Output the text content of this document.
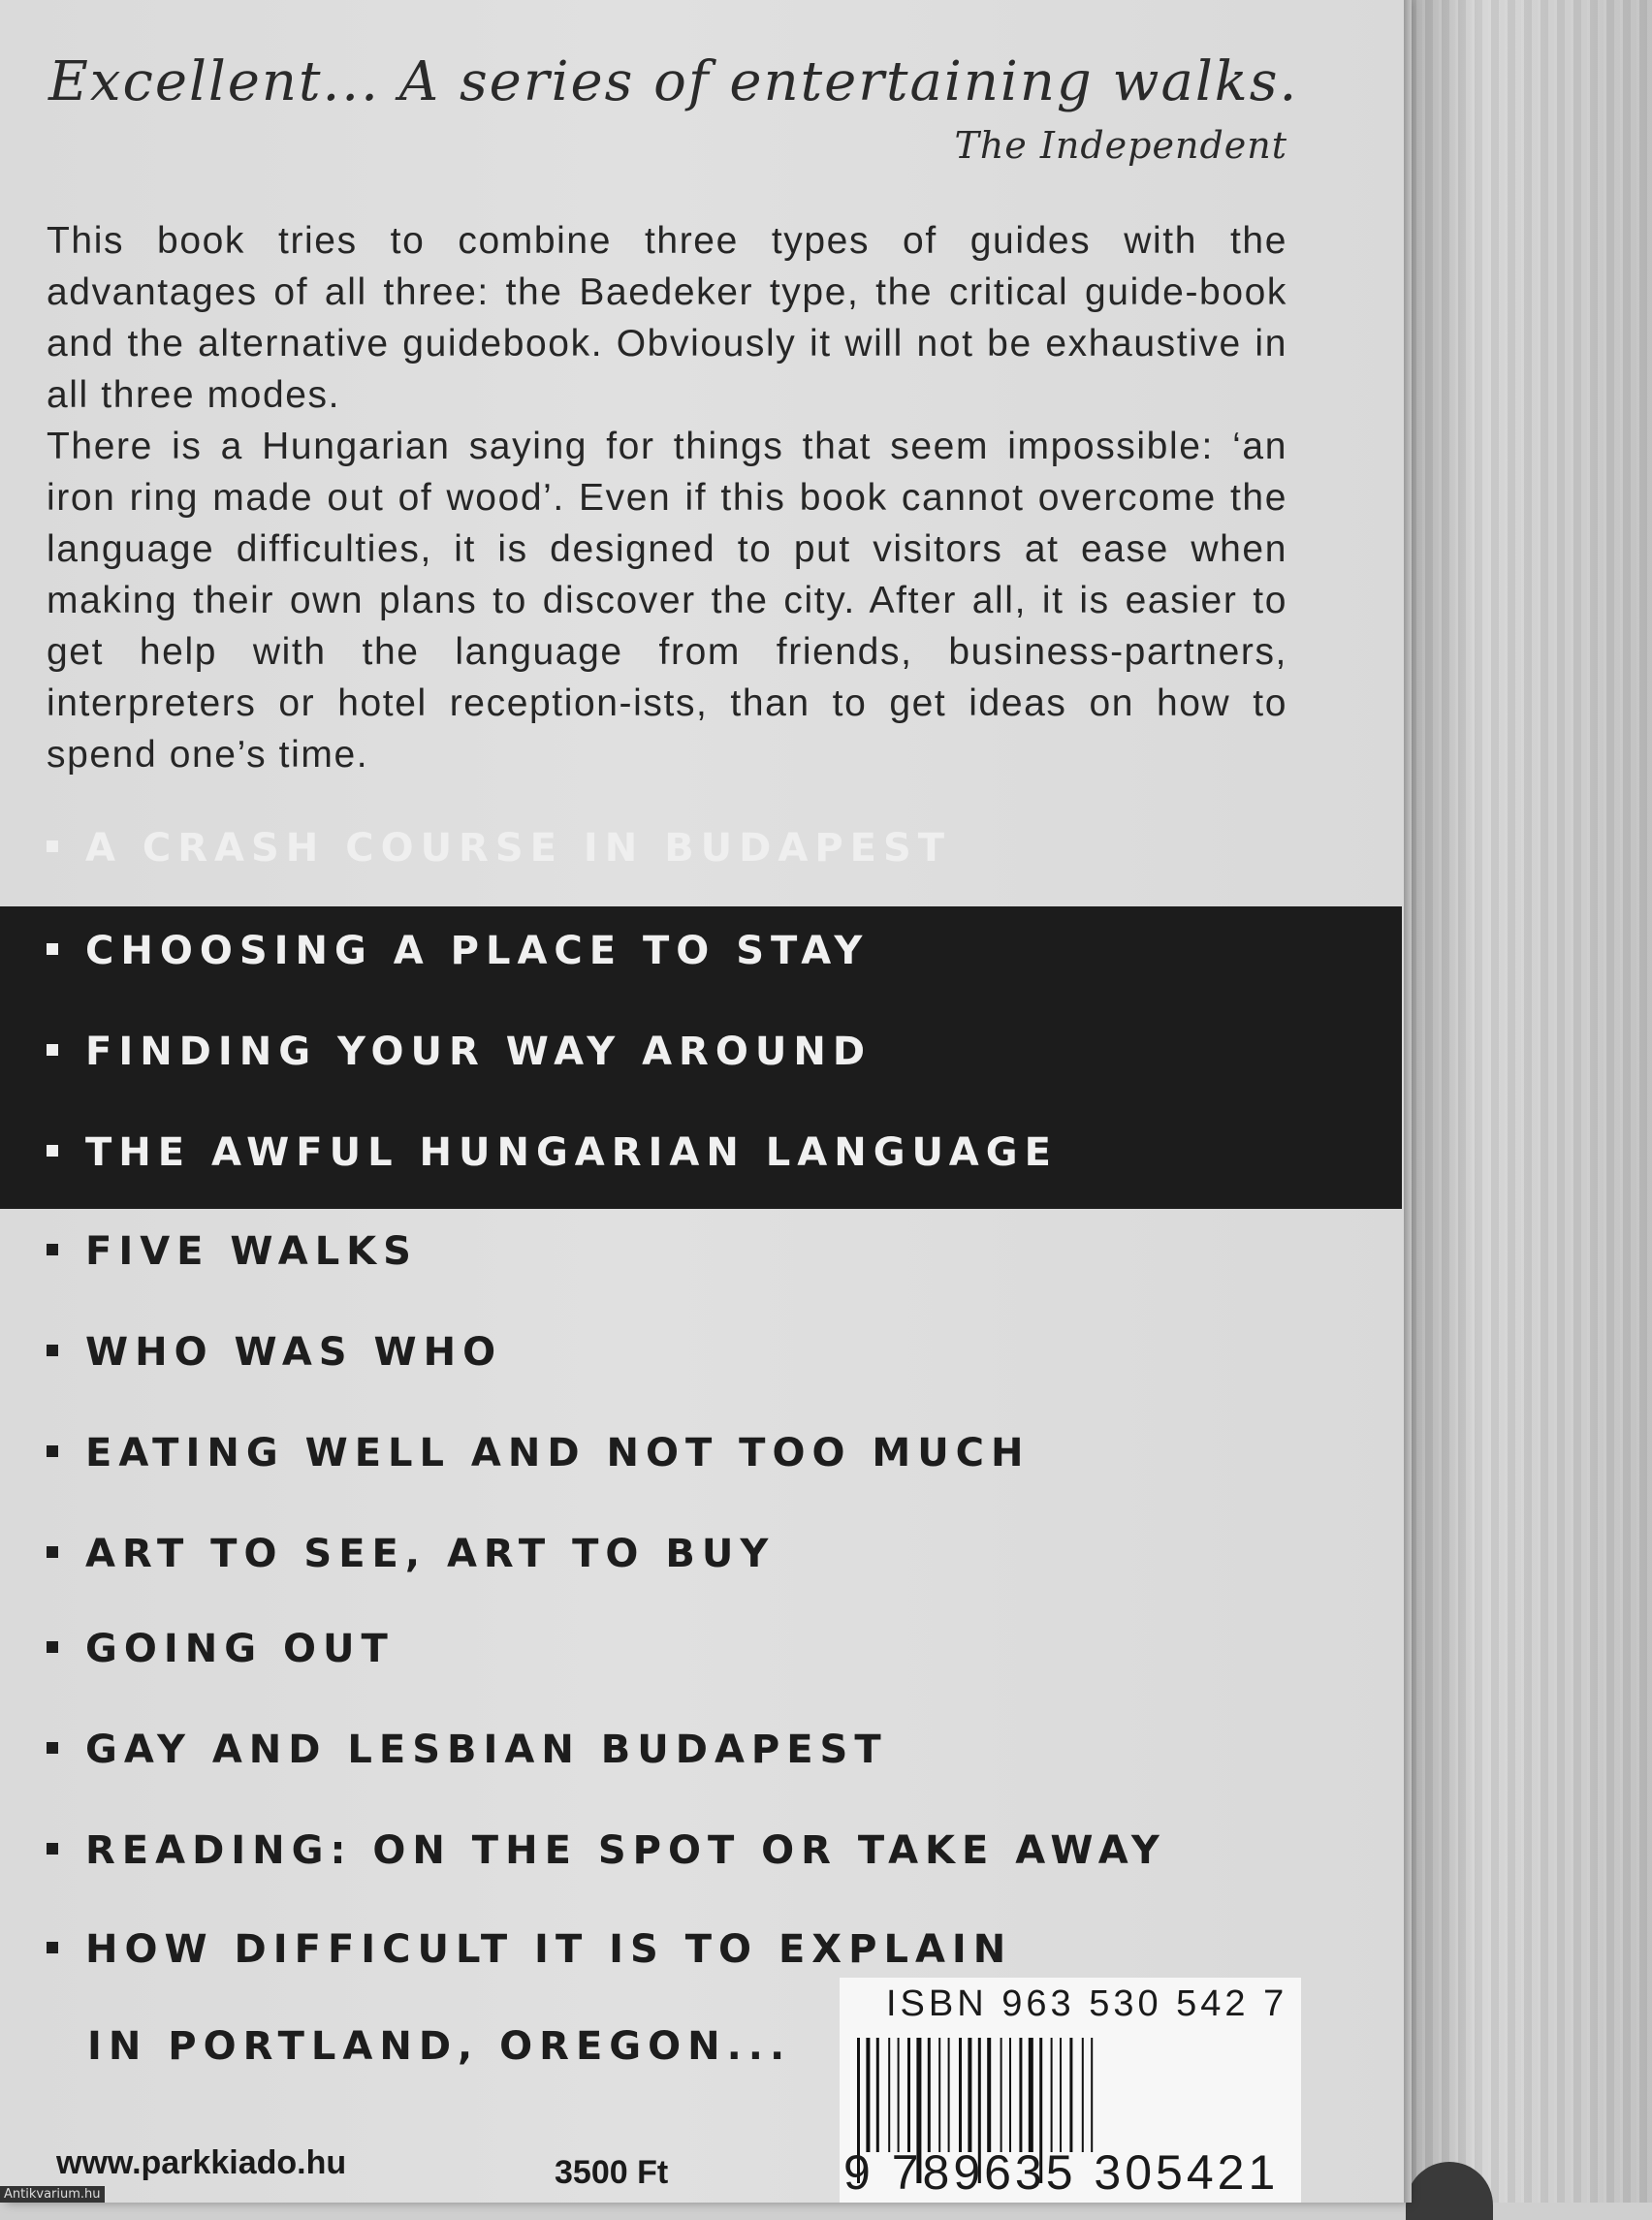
Excellent... A series of entertaining walks.
The Independent

This book tries to combine three types of guides with the advantages of all three: the Baedeker type, the critical guide-book and the alternative guidebook. Obviously it will not be exhaustive in all three modes.

There is a Hungarian saying for things that seem impossible: ‘an iron ring made out of wood’. Even if this book cannot overcome the language difficulties, it is designed to put visitors at ease when making their own plans to discover the city. After all, it is easier to get help with the language from friends, business-partners, interpreters or hotel reception-ists, than to get ideas on how to spend one’s time.

A CRASH COURSE IN BUDAPEST
CHOOSING A PLACE TO STAY
FINDING YOUR WAY AROUND
THE AWFUL HUNGARIAN LANGUAGE
FIVE WALKS
WHO WAS WHO
EATING WELL AND NOT TOO MUCH
ART TO SEE, ART TO BUY
GOING OUT
GAY AND LESBIAN BUDAPEST
READING: ON THE SPOT OR TAKE AWAY
HOW DIFFICULT IT IS TO EXPLAIN
IN PORTLAND, OREGON...
www.parkkiado.hu	3500 Ft
ISBN 963 530 542 7
9 789635 305421
Antikvarium.hu
